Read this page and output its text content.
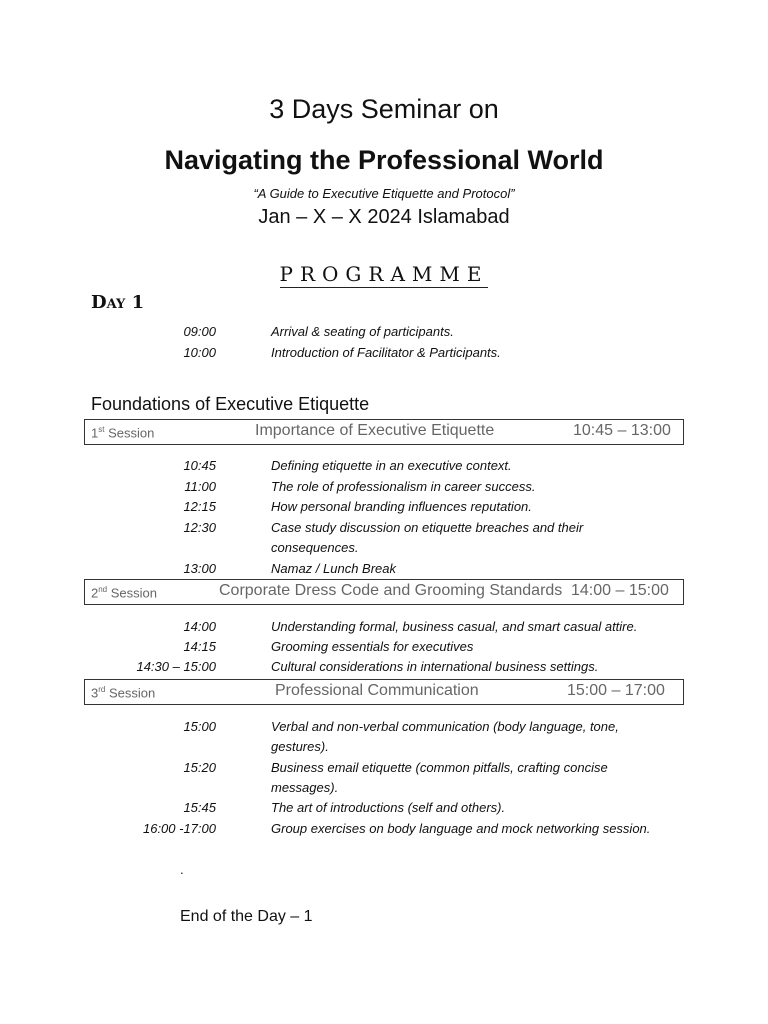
3 Days Seminar on
Navigating the Professional World
“A Guide to Executive Etiquette and Protocol”
Jan – X – X 2024 Islamabad
PROGRAMME
Day 1
09:00	Arrival & seating of participants.
10:00	Introduction of Facilitator & Participants.
Foundations of Executive Etiquette
1st Session	Importance of Executive Etiquette	10:45 – 13:00
10:45	Defining etiquette in an executive context.
11:00	The role of professionalism in career success.
12:15	How personal branding influences reputation.
12:30	Case study discussion on etiquette breaches and their consequences.
13:00	Namaz / Lunch Break
2nd Session	Corporate Dress Code and Grooming Standards 14:00 – 15:00
14:00	Understanding formal, business casual, and smart casual attire.
14:15	Grooming essentials for executives
14:30 – 15:00	Cultural considerations in international business settings.
3rd Session	Professional Communication	15:00 – 17:00
15:00	Verbal and non-verbal communication (body language, tone, gestures).
15:20	Business email etiquette (common pitfalls, crafting concise messages).
15:45	The art of introductions (self and others).
16:00 -17:00	Group exercises on body language and mock networking session.
.
End of the Day – 1
